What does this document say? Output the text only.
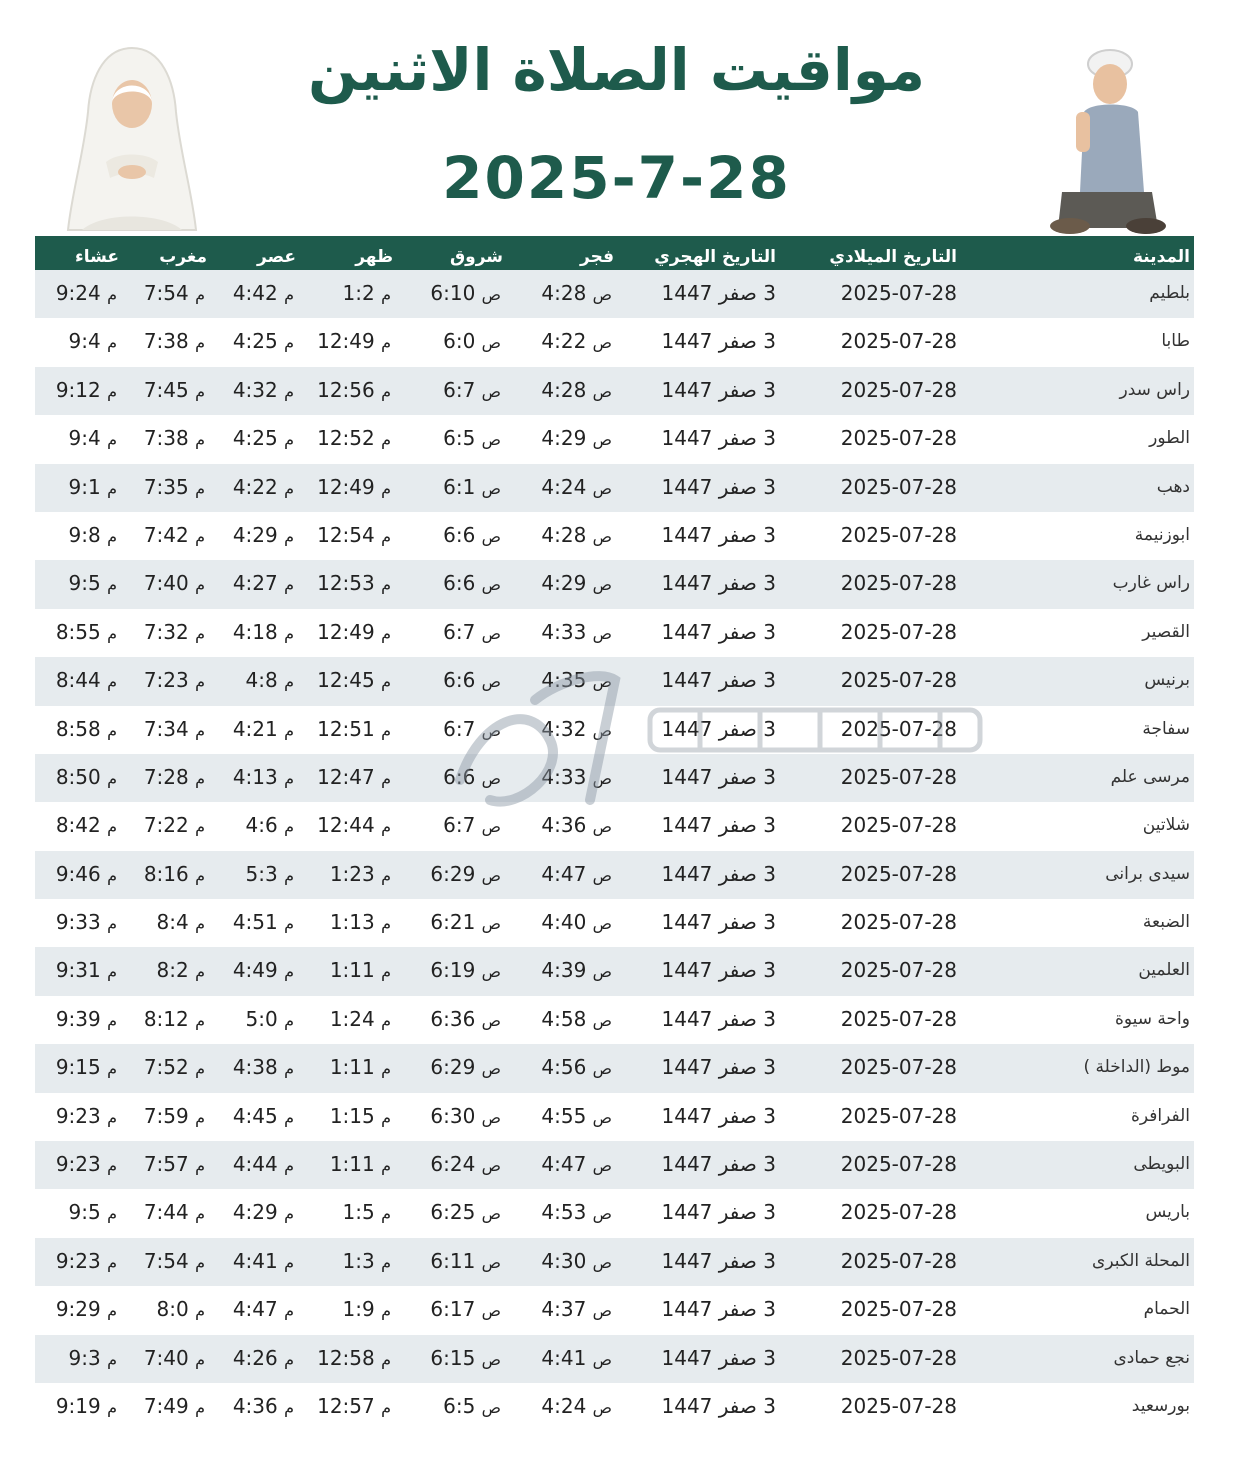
مواقيت الصلاة الاثنين
2025-7-28
المدينة
التاريخ الميلادي
التاريخ الهجري
فجر
شروق
ظهر
عصر
مغرب
عشاء
بلطيم
2025-07-28
3 صفر 1447
ص 4:28
ص 6:10
م 1:2
م 4:42
م 7:54
م 9:24
طابا
2025-07-28
3 صفر 1447
ص 4:22
ص 6:0
م 12:49
م 4:25
م 7:38
م 9:4
راس سدر
2025-07-28
3 صفر 1447
ص 4:28
ص 6:7
م 12:56
م 4:32
م 7:45
م 9:12
الطور
2025-07-28
3 صفر 1447
ص 4:29
ص 6:5
م 12:52
م 4:25
م 7:38
م 9:4
دهب
2025-07-28
3 صفر 1447
ص 4:24
ص 6:1
م 12:49
م 4:22
م 7:35
م 9:1
ابوزنيمة
2025-07-28
3 صفر 1447
ص 4:28
ص 6:6
م 12:54
م 4:29
م 7:42
م 9:8
راس غارب
2025-07-28
3 صفر 1447
ص 4:29
ص 6:6
م 12:53
م 4:27
م 7:40
م 9:5
القصير
2025-07-28
3 صفر 1447
ص 4:33
ص 6:7
م 12:49
م 4:18
م 7:32
م 8:55
برنيس
2025-07-28
3 صفر 1447
ص 4:35
ص 6:6
م 12:45
م 4:8
م 7:23
م 8:44
سفاجة
2025-07-28
3 صفر 1447
ص 4:32
ص 6:7
م 12:51
م 4:21
م 7:34
م 8:58
مرسى علم
2025-07-28
3 صفر 1447
ص 4:33
ص 6:6
م 12:47
م 4:13
م 7:28
م 8:50
شلاتين
2025-07-28
3 صفر 1447
ص 4:36
ص 6:7
م 12:44
م 4:6
م 7:22
م 8:42
سيدى برانى
2025-07-28
3 صفر 1447
ص 4:47
ص 6:29
م 1:23
م 5:3
م 8:16
م 9:46
الضبعة
2025-07-28
3 صفر 1447
ص 4:40
ص 6:21
م 1:13
م 4:51
م 8:4
م 9:33
العلمين
2025-07-28
3 صفر 1447
ص 4:39
ص 6:19
م 1:11
م 4:49
م 8:2
م 9:31
واحة سيوة
2025-07-28
3 صفر 1447
ص 4:58
ص 6:36
م 1:24
م 5:0
م 8:12
م 9:39
موط (الداخلة )
2025-07-28
3 صفر 1447
ص 4:56
ص 6:29
م 1:11
م 4:38
م 7:52
م 9:15
الفرافرة
2025-07-28
3 صفر 1447
ص 4:55
ص 6:30
م 1:15
م 4:45
م 7:59
م 9:23
البويطى
2025-07-28
3 صفر 1447
ص 4:47
ص 6:24
م 1:11
م 4:44
م 7:57
م 9:23
باريس
2025-07-28
3 صفر 1447
ص 4:53
ص 6:25
م 1:5
م 4:29
م 7:44
م 9:5
المحلة الكبرى
2025-07-28
3 صفر 1447
ص 4:30
ص 6:11
م 1:3
م 4:41
م 7:54
م 9:23
الحمام
2025-07-28
3 صفر 1447
ص 4:37
ص 6:17
م 1:9
م 4:47
م 8:0
م 9:29
نجع حمادى
2025-07-28
3 صفر 1447
ص 4:41
ص 6:15
م 12:58
م 4:26
م 7:40
م 9:3
بورسعيد
2025-07-28
3 صفر 1447
ص 4:24
ص 6:5
م 12:57
م 4:36
م 7:49
م 9:19
